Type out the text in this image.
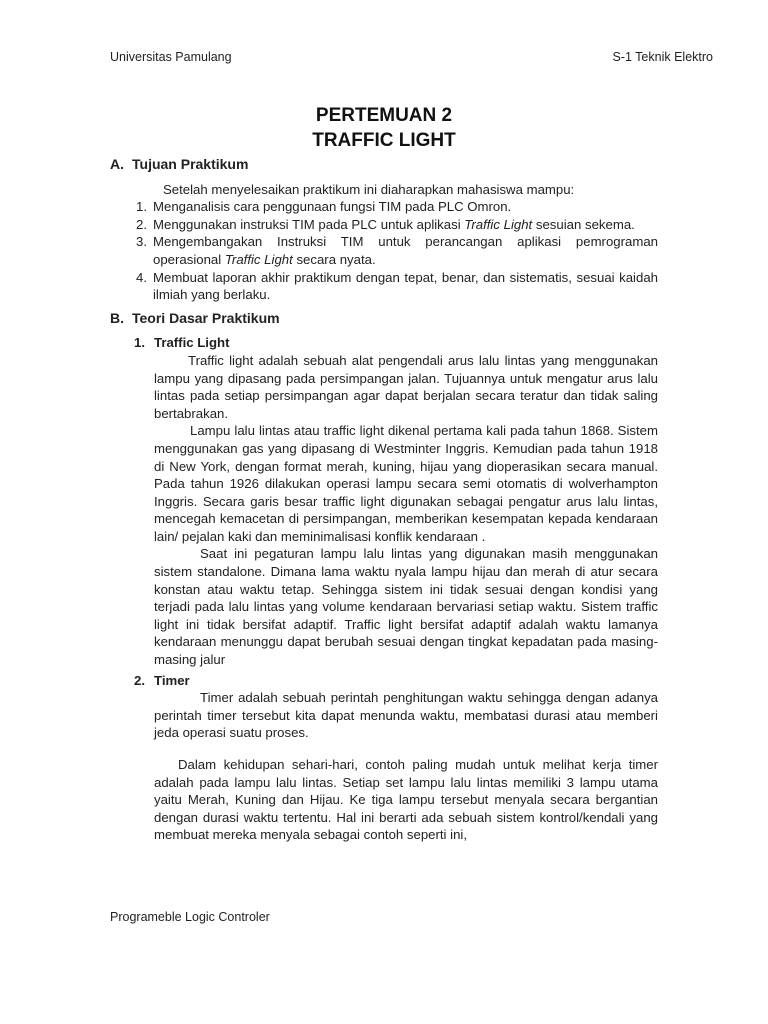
Universitas Pamulang	S-1 Teknik Elektro
PERTEMUAN 2
TRAFFIC LIGHT
A. Tujuan Praktikum

Setelah menyelesaikan praktikum ini diaharapkan mahasiswa mampu:

1. Menganalisis cara penggunaan fungsi TIM pada PLC Omron.
2. Menggunakan instruksi TIM pada PLC untuk aplikasi Traffic Light sesuian sekema.
3. Mengembangakan Instruksi TIM untuk perancangan aplikasi pemrograman operasional Traffic Light secara nyata.
4. Membuat laporan akhir praktikum dengan tepat, benar, dan sistematis, sesuai kaidah ilmiah yang berlaku.
B. Teori Dasar Praktikum
1. Traffic Light

Traffic light adalah sebuah alat pengendali arus lalu lintas yang menggunakan lampu yang dipasang pada persimpangan jalan. Tujuannya untuk mengatur arus lalu lintas pada setiap persimpangan agar dapat berjalan secara teratur dan tidak saling bertabrakan.

Lampu lalu lintas atau traffic light dikenal pertama kali pada tahun 1868. Sistem menggunakan gas yang dipasang di Westminter Inggris. Kemudian pada tahun 1918 di New York, dengan format merah, kuning, hijau yang dioperasikan secara manual. Pada tahun 1926 dilakukan operasi lampu secara semi otomatis di wolverhampton Inggris. Secara garis besar traffic light digunakan sebagai pengatur arus lalu lintas, mencegah kemacetan di persimpangan, memberikan kesempatan kepada kendaraan lain/ pejalan kaki dan meminimalisasi konflik kendaraan .

Saat ini pegaturan lampu lalu lintas yang digunakan masih menggunakan sistem standalone. Dimana lama waktu nyala lampu hijau dan merah di atur secara konstan atau waktu tetap. Sehingga sistem ini tidak sesuai dengan kondisi yang terjadi pada lalu lintas yang volume kendaraan bervariasi setiap waktu. Sistem traffic light ini tidak bersifat adaptif. Traffic light bersifat adaptif adalah waktu lamanya kendaraan menunggu dapat berubah sesuai dengan tingkat kepadatan pada masing-masing jalur

2. Timer

Timer adalah sebuah perintah penghitungan waktu sehingga dengan adanya perintah timer tersebut kita dapat menunda waktu, membatasi durasi atau memberi jeda operasi suatu proses.

Dalam kehidupan sehari-hari, contoh paling mudah untuk melihat kerja timer adalah pada lampu lalu lintas. Setiap set lampu lalu lintas memiliki 3 lampu utama yaitu Merah, Kuning dan Hijau. Ke tiga lampu tersebut menyala secara bergantian dengan durasi waktu tertentu. Hal ini berarti ada sebuah sistem kontrol/kendali yang membuat mereka menyala sebagai contoh seperti ini,

Programeble Logic Controler
